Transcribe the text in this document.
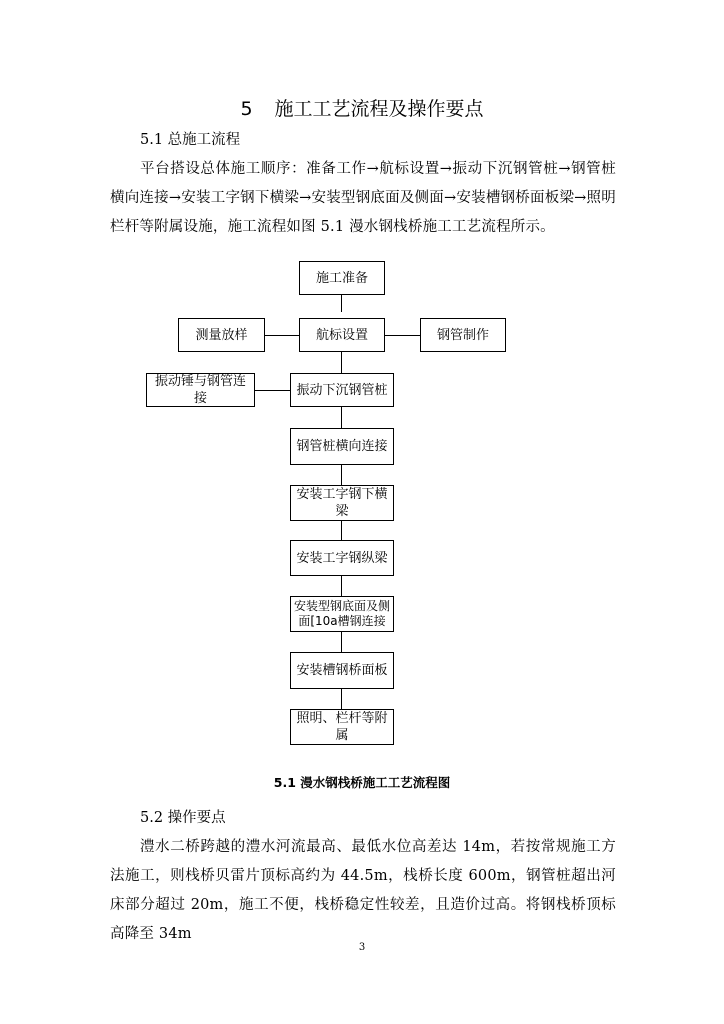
5 施工工艺流程及操作要点
5.1 总施工流程
平台搭设总体施工顺序：准备工作→航标设置→振动下沉钢管桩→钢管桩横向连接→安装工字钢下横梁→安装型钢底面及侧面→安装槽钢桥面板梁→照明栏杆等附属设施，施工流程如图 5.1 漫水钢栈桥施工工艺流程所示。
施工准备
测量放样	航标设置	钢管制作
振动锤与钢管连接
振动下沉钢管桩
钢管桩横向连接
安装工字钢下横梁
安装工字钢纵梁
安装型钢底面及侧面[10a槽钢连接
安装槽钢桥面板
照明、栏杆等附属
5.1 漫水钢栈桥施工工艺流程图
5.2 操作要点
澧水二桥跨越的澧水河流最高、最低水位高差达 14m，若按常规施工方法施工，则栈桥贝雷片顶标高约为 44.5m，栈桥长度 600m，钢管桩超出河床部分超过 20m，施工不便，栈桥稳定性较差，且造价过高。将钢栈桥顶标高降至 34m
3
